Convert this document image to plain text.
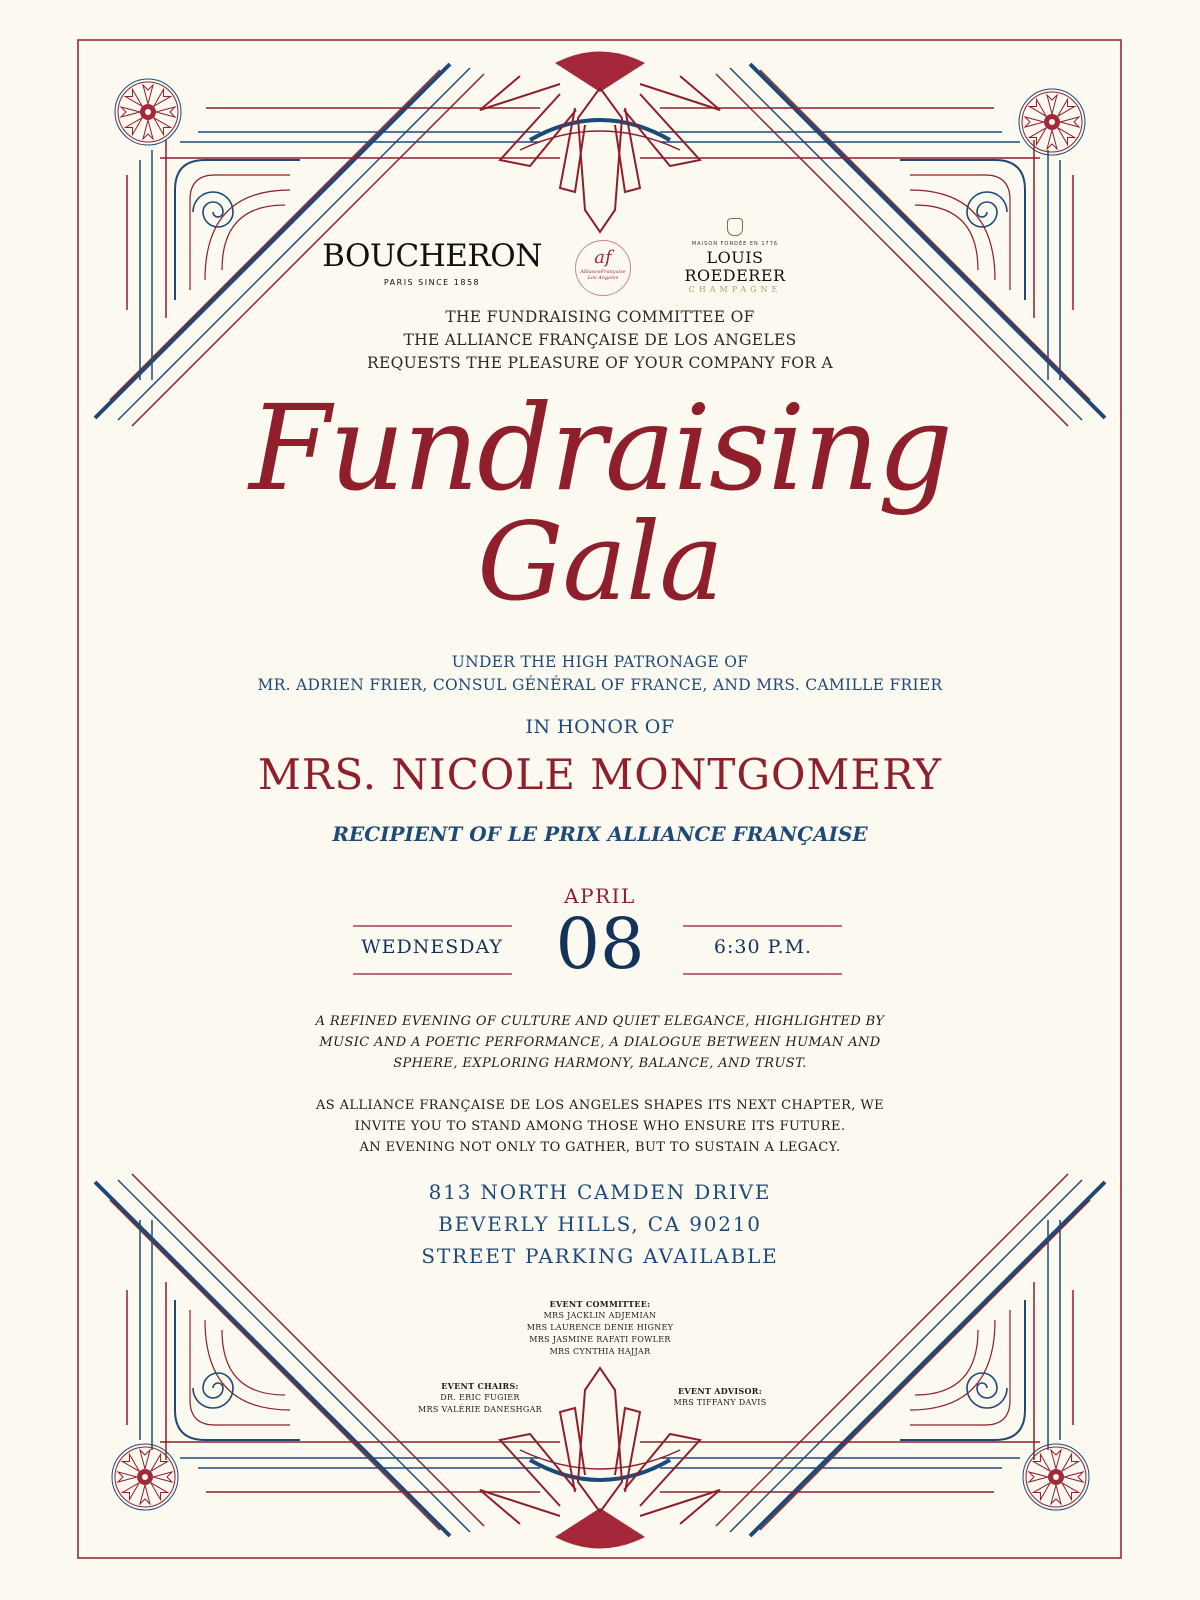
BOUCHERON
PARIS SINCE 1858
af
AllianceFrançaise
Los Angeles
MAISON FONDÉE EN 1776
LOUIS ROEDERER
CHAMPAGNE
THE FUNDRAISING COMMITTEE OF
THE ALLIANCE FRANÇAISE DE LOS ANGELES
REQUESTS THE PLEASURE OF YOUR COMPANY FOR A
Fundraising
Gala
UNDER THE HIGH PATRONAGE OF
MR. ADRIEN FRIER, CONSUL GÉNÉRAL OF FRANCE, AND MRS. CAMILLE FRIER
IN HONOR OF
MRS. NICOLE MONTGOMERY
RECIPIENT OF LE PRIX ALLIANCE FRANÇAISE
APRIL
WEDNESDAY 08	6:30 P.M.
A REFINED EVENING OF CULTURE AND QUIET ELEGANCE, HIGHLIGHTED BY
MUSIC AND A POETIC PERFORMANCE, A DIALOGUE BETWEEN HUMAN AND
SPHERE, EXPLORING HARMONY, BALANCE, AND TRUST.
AS ALLIANCE FRANÇAISE DE LOS ANGELES SHAPES ITS NEXT CHAPTER, WE
INVITE YOU TO STAND AMONG THOSE WHO ENSURE ITS FUTURE.
AN EVENING NOT ONLY TO GATHER, BUT TO SUSTAIN A LEGACY.
813 NORTH CAMDEN DRIVE
BEVERLY HILLS, CA 90210
STREET PARKING AVAILABLE
EVENT COMMITTEE:
MRS JACKLIN ADJEMIAN
MRS LAURENCE DENIE HIGNEY
MRS JASMINE RAFATI FOWLER
MRS CYNTHIA HAJJAR
EVENT CHAIRS:
DR. ERIC FUGIER
MRS VALÉRIE DANESHGAR
EVENT ADVISOR:
MRS TIFFANY DAVIS
